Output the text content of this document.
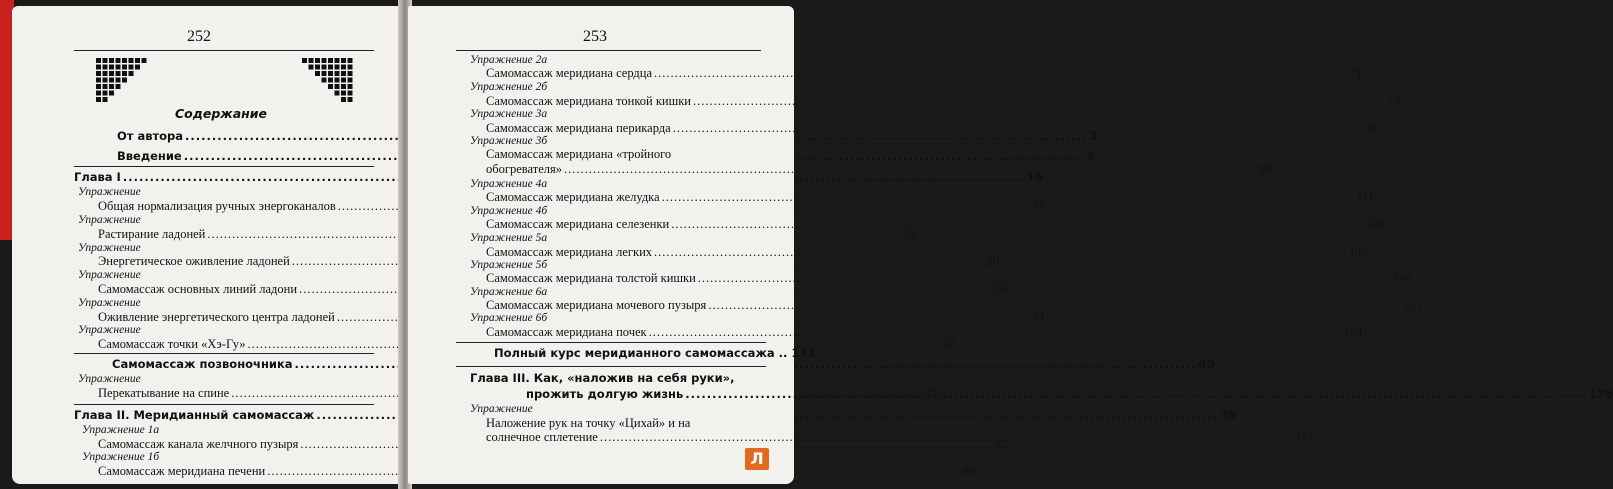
252
Содержание
От автора .....	3
Введение .....	6
Глава I .....	16
Упражнение
Общая нормализация ручных энергоканалов .....	16
Упражнение
Растирание ладоней .....	19
Упражнение
Энергетическое оживление ладоней .....	20
Упражнение
Самомассаж основных линий ладони .....	28
Упражнение
Оживление энергетического центра ладоней .....	33
Упражнение
Самомассаж точки «Хэ-Гу» .....	37
Самомассаж позвоночника .....	40
Упражнение
Перекатывание на спине .....	41
Глава II. Меридианный самомассаж .....	49
Упражнение 1а
Самомассаж канала желчного пузыря .....	52
Упражнение 1б
Самомассаж меридиана печени .....	60
253
Упражнение 2а
Самомассаж меридиана сердца .....	71
Упражнение 2б
Самомассаж меридиана тонкой кишки .....	79
Упражнение 3а
Самомассаж меридиана перикарда .....	90
Упражнение 3б
Самомассаж меридиана «тройного
обогревателя» .....	98
Упражнение 4а
Самомассаж меридиана желудка .....	111
Упражнение 4б
Самомассаж меридиана селезенки .....	129
Упражнение 5а
Самомассаж меридиана легких .....	140
Упражнение 5б
Самомассаж меридиана толстой кишки .....	146
Упражнение 6а
Самомассаж меридиана мочевого пузыря .....	151
Упражнение 6б
Самомассаж меридиана почек .....	164
Полный курс меридианного самомассажа .. 173
Глава III. Как, «наложив на себя руки»,
прожить долгую жизнь .....	175
Упражнение
Наложение рук на точку «Цихай» и на
солнечное сплетение .....	177
Л
